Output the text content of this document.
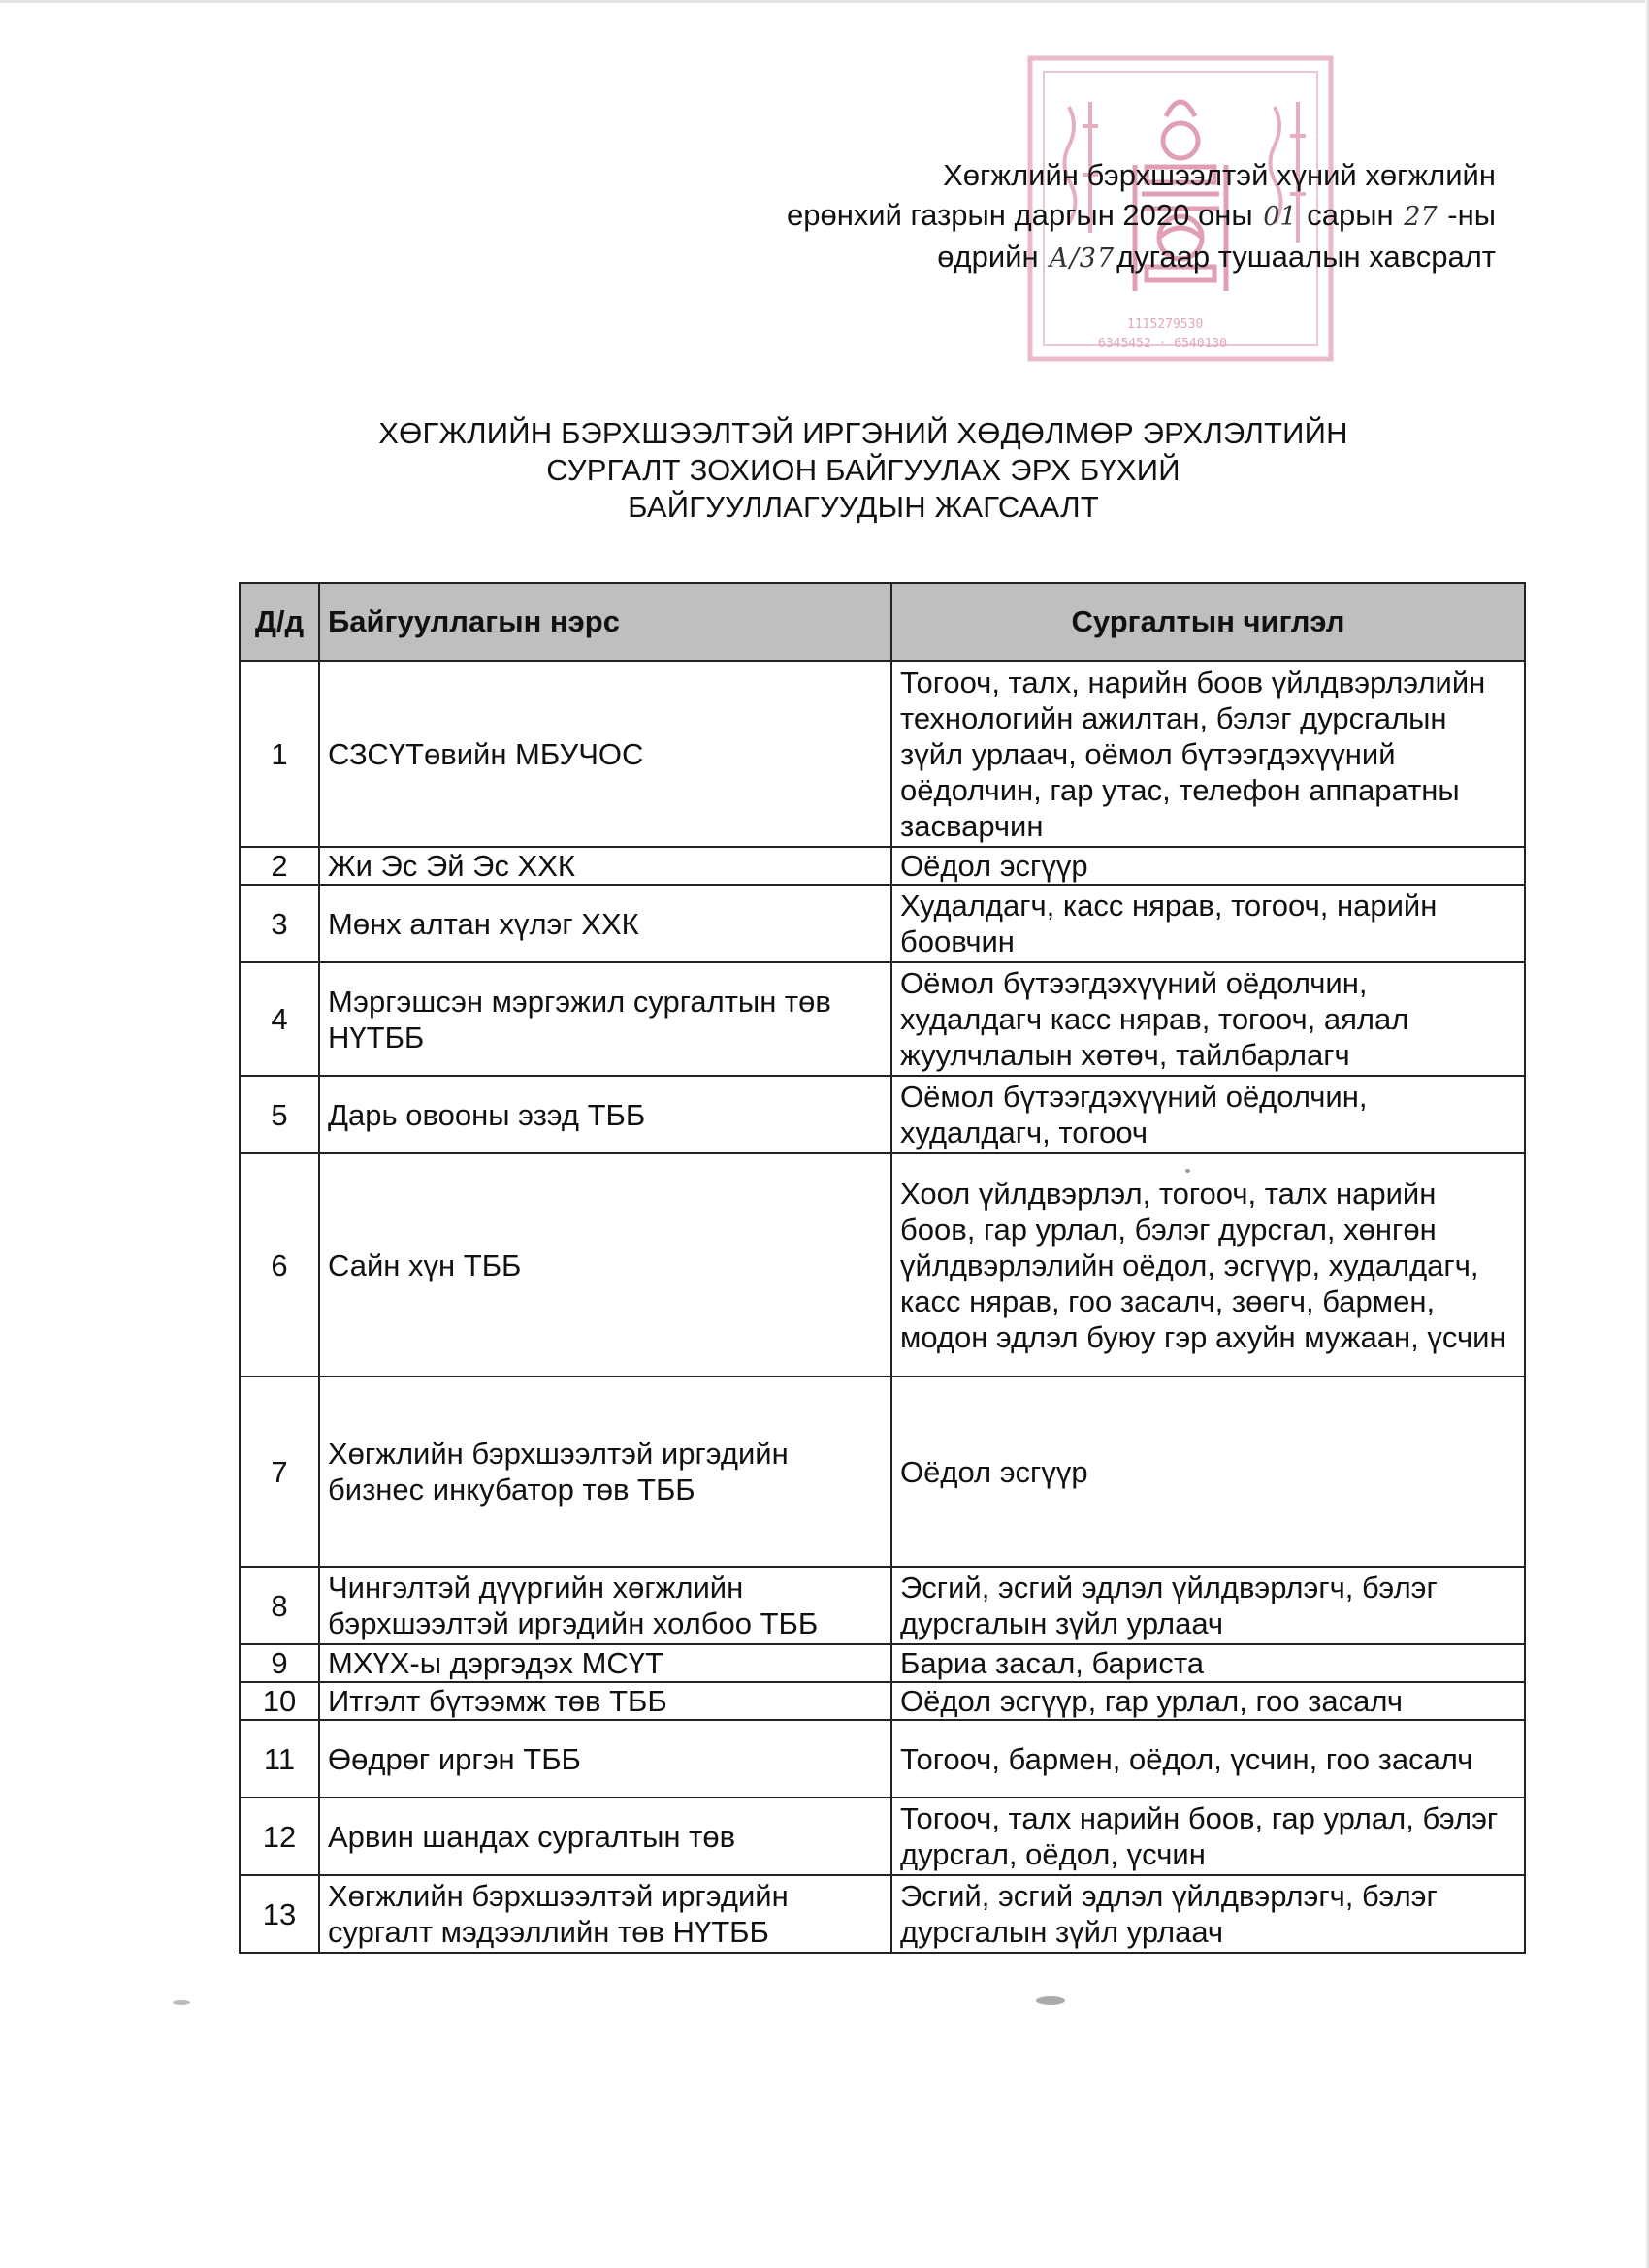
1115279530
6345452 · 6540130
Хөгжлийн бэрхшээлтэй хүний хөгжлийн
ерөнхий газрын даргын 2020 оны 01 сарын 27 -ны
өдрийн А/37дугаар тушаалын хавсралт
ХӨГЖЛИЙН БЭРХШЭЭЛТЭЙ ИРГЭНИЙ ХӨДӨЛМӨР ЭРХЛЭЛТИЙН
СУРГАЛТ ЗОХИОН БАЙГУУЛАХ ЭРХ БҮХИЙ
БАЙГУУЛЛАГУУДЫН ЖАГСААЛТ
Д/д	Байгууллагын нэрс	Сургалтын чиглэл
1	СЗСҮТөвийн МБУЧОС	Тогооч, талх, нарийн боов үйлдвэрлэлийн технологийн ажилтан, бэлэг дурсгалын зүйл урлаач, оёмол бүтээгдэхүүний оёдолчин, гар утас, телефон аппаратны засварчин
2	Жи Эс Эй Эс ХХК	Оёдол эсгүүр
3	Мөнх алтан хүлэг ХХК	Худалдагч, касс нярав, тогооч, нарийн боовчин
4	Мэргэшсэн мэргэжил сургалтын төв НҮТББ	Оёмол бүтээгдэхүүний оёдолчин, худалдагч касс нярав, тогооч, аялал жуулчлалын хөтөч, тайлбарлагч
5	Дарь овооны эзэд ТББ	Оёмол бүтээгдэхүүний оёдолчин, худалдагч, тогооч
6	Сайн хүн ТББ	Хоол үйлдвэрлэл, тогооч, талх нарийн боов, гар урлал, бэлэг дурсгал, хөнгөн үйлдвэрлэлийн оёдол, эсгүүр, худалдагч, касс нярав, гоо засалч, зөөгч, бармен, модон эдлэл буюу гэр ахуйн мужаан, үсчин
7	Хөгжлийн бэрхшээлтэй иргэдийн бизнес инкубатор төв ТББ	Оёдол эсгүүр
8	Чингэлтэй дүүргийн хөгжлийн бэрхшээлтэй иргэдийн холбоо ТББ	Эсгий, эсгий эдлэл үйлдвэрлэгч, бэлэг дурсгалын зүйл урлаач
9	МХҮХ-ы дэргэдэх МСҮТ	Бариа засал, бариста
10	Итгэлт бүтээмж төв ТББ	Оёдол эсгүүр, гар урлал, гоо засалч
11	Өөдрөг иргэн ТББ	Тогооч, бармен, оёдол, үсчин, гоо засалч
12	Арвин шандах сургалтын төв	Тогооч, талх нарийн боов, гар урлал, бэлэг дурсгал, оёдол, үсчин
13	Хөгжлийн бэрхшээлтэй иргэдийн сургалт мэдээллийн төв НҮТББ	Эсгий, эсгий эдлэл үйлдвэрлэгч, бэлэг дурсгалын зүйл урлаач
